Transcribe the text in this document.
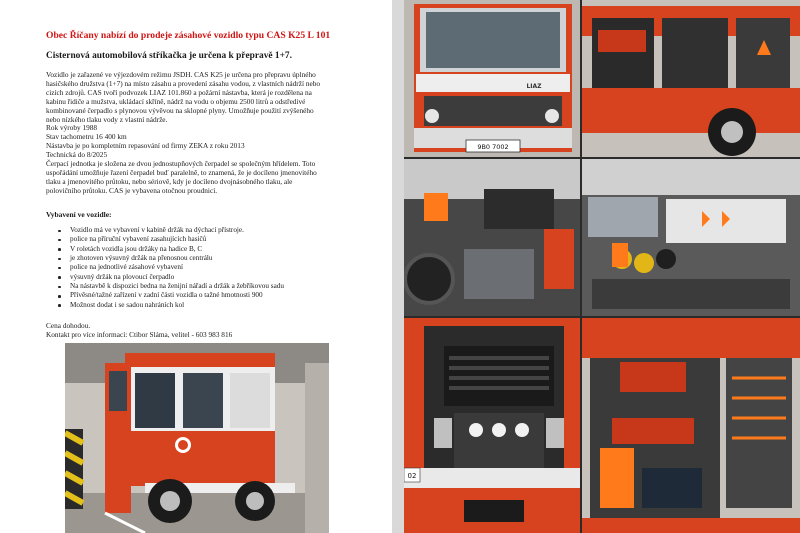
Obec Říčany nabízí do prodeje zásahové vozidlo typu CAS K25 L 101
Cisternová automobilová stříkačka je určena k přepravě 1+7.
Vozidlo je zařazené ve výjezdovém režimu JSDH. CAS K25 je určena pro přepravu úplného
hasičského družstva (1+7) na místo zásahu a provedení zásahu vodou, z vlastních nádrží nebo
cizích zdrojů. CAS tvoří podvozek LIAZ 101.860 a požární nástavba, která je rozdělena na
kabinu řidiče a mužstva, ukládací skříně, nádrž na vodu o objemu 2500 litrů a odstředivé
kombinované čerpadlo s plynovou vývěvou na sklopné plyny. Umožňuje použití zvýšeného
nebo nízkého tlaku vody z vlastní nádrže.
Rok výroby 1988
Stav tachometru 16 400 km
Nástavba je po kompletním repasování od firmy ZEKA z roku 2013
Technická do 8/2025
Čerpací jednotka je složena ze dvou jednostupňových čerpadel se společným hřídelem. Toto
uspořádání umožňuje řazení čerpadel buď paralelně, to znamená, že je docíleno jmenovitého
tlaku a jmenovitého průtoku, nebo sériově, kdy je docíleno dvojnásobného tlaku, ale
polovičního průtoku. CAS je vybavena otočnou proudnicí.
Vybavení ve vozidle:
Vozidlo má ve vybavení v kabině držák na dýchací přístroje.
police na příruční vybavení zasahujících hasičů
V roletách vozidla jsou držáky na hadice B, C
je zhotoven výsuvný držák na přenosnou centrálu
police na jednotlivé zásahové vybavení
výsuvný držák na plovoucí čerpadlo
Na nástavbě k dispozici bedna na ženijní nářadí a držák a žebříkovou sadu
Přívěsné/tažné zařízení v zadní části vozidla o tažné hmotnosti 900
Možnost dodat i se sadou nahráních kol
Cena dohodou.
Kontakt pro více informací: Ctibor Sláma, velitel - 603 983 816
9B0 7002
LIAZ
02
